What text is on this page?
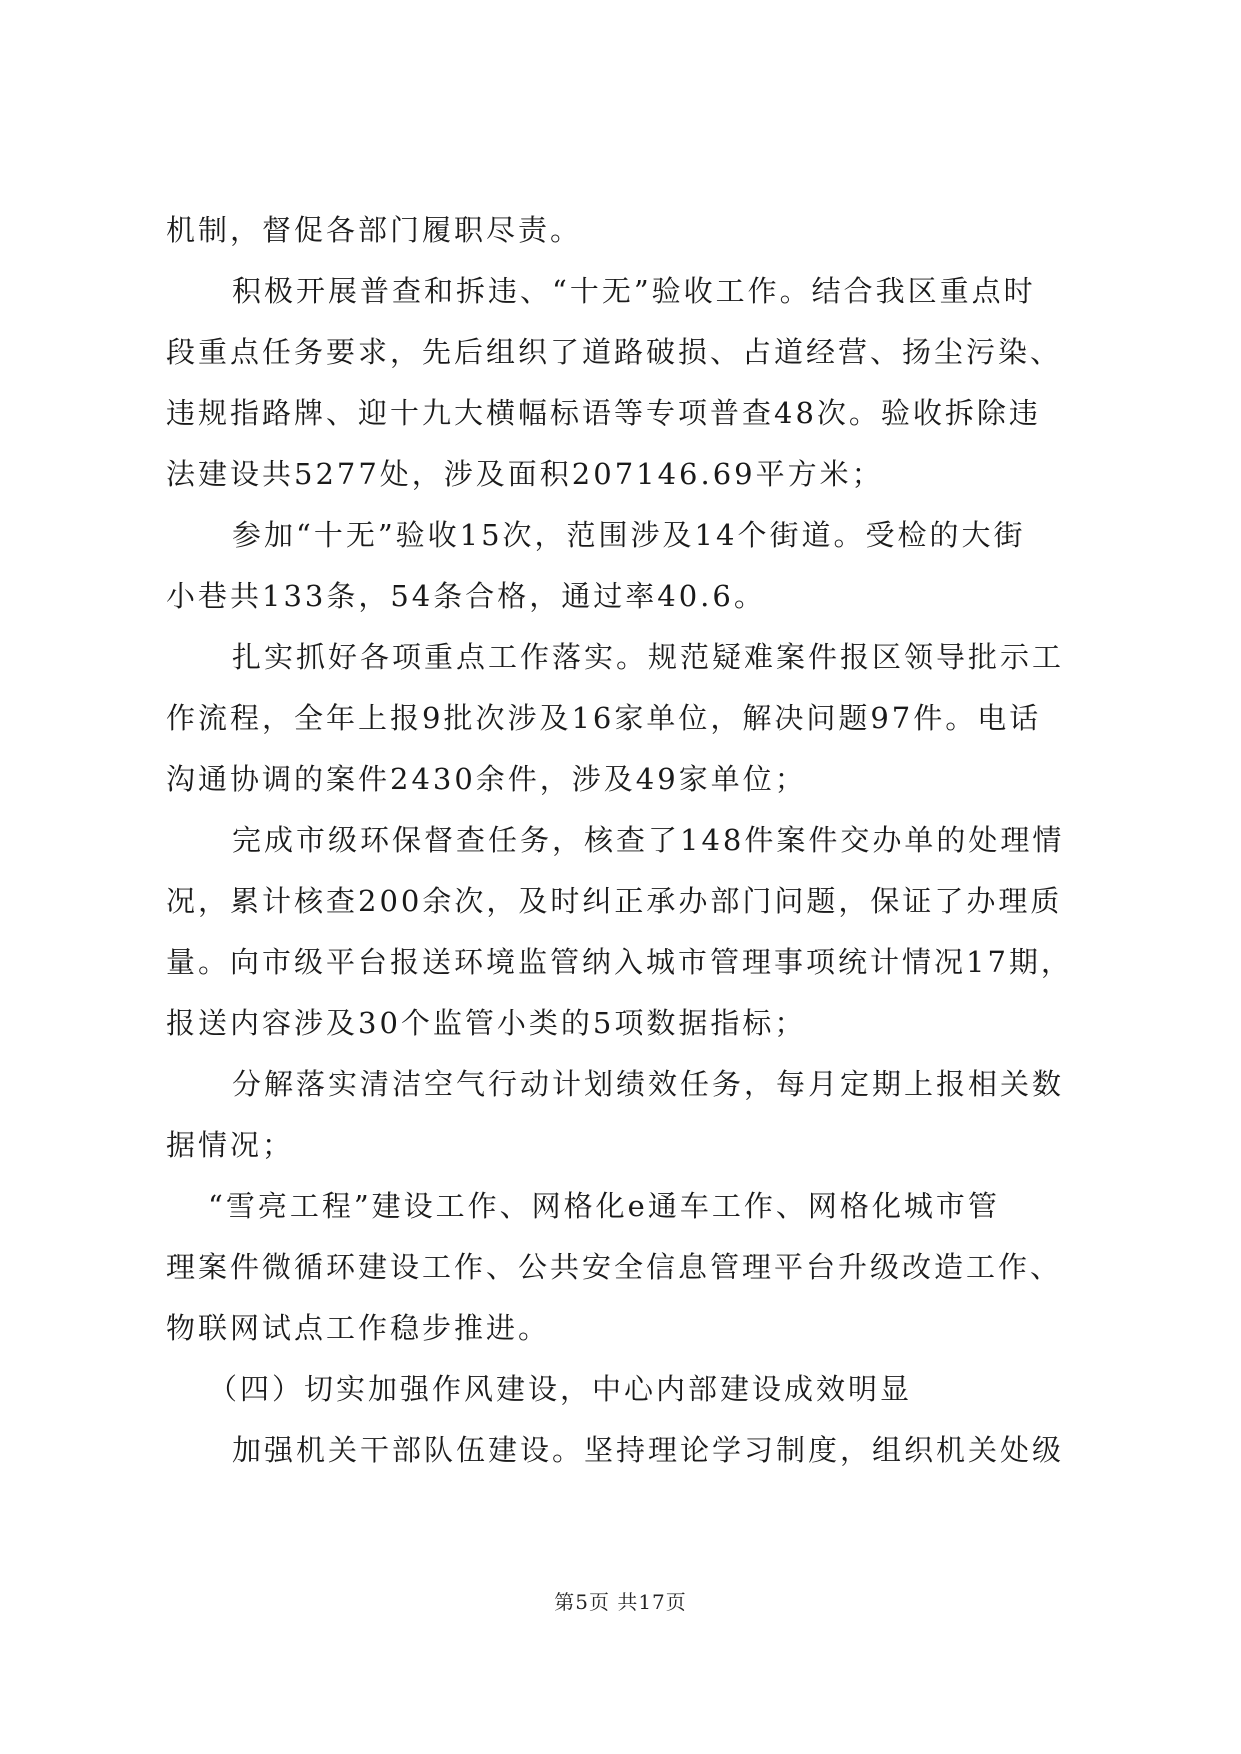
机制，督促各部门履职尽责。
积极开展普查和拆违、“十无”验收工作。结合我区重点时
段重点任务要求，先后组织了道路破损、占道经营、扬尘污染、
违规指路牌、迎十九大横幅标语等专项普查48次。验收拆除违
法建设共5277处，涉及面积207146.69平方米；
参加“十无”验收15次，范围涉及14个街道。受检的大街
小巷共133条，54条合格，通过率40.6。
扎实抓好各项重点工作落实。规范疑难案件报区领导批示工
作流程，全年上报9批次涉及16家单位，解决问题97件。电话
沟通协调的案件2430余件，涉及49家单位；
完成市级环保督查任务，核查了148件案件交办单的处理情
况，累计核查200余次，及时纠正承办部门问题，保证了办理质
量。向市级平台报送环境监管纳入城市管理事项统计情况17期，
报送内容涉及30个监管小类的5项数据指标；
分解落实清洁空气行动计划绩效任务，每月定期上报相关数
据情况；
“雪亮工程”建设工作、网格化e通车工作、网格化城市管
理案件微循环建设工作、公共安全信息管理平台升级改造工作、
物联网试点工作稳步推进。
（四）切实加强作风建设，中心内部建设成效明显
加强机关干部队伍建设。坚持理论学习制度，组织机关处级
第5页 共17页
